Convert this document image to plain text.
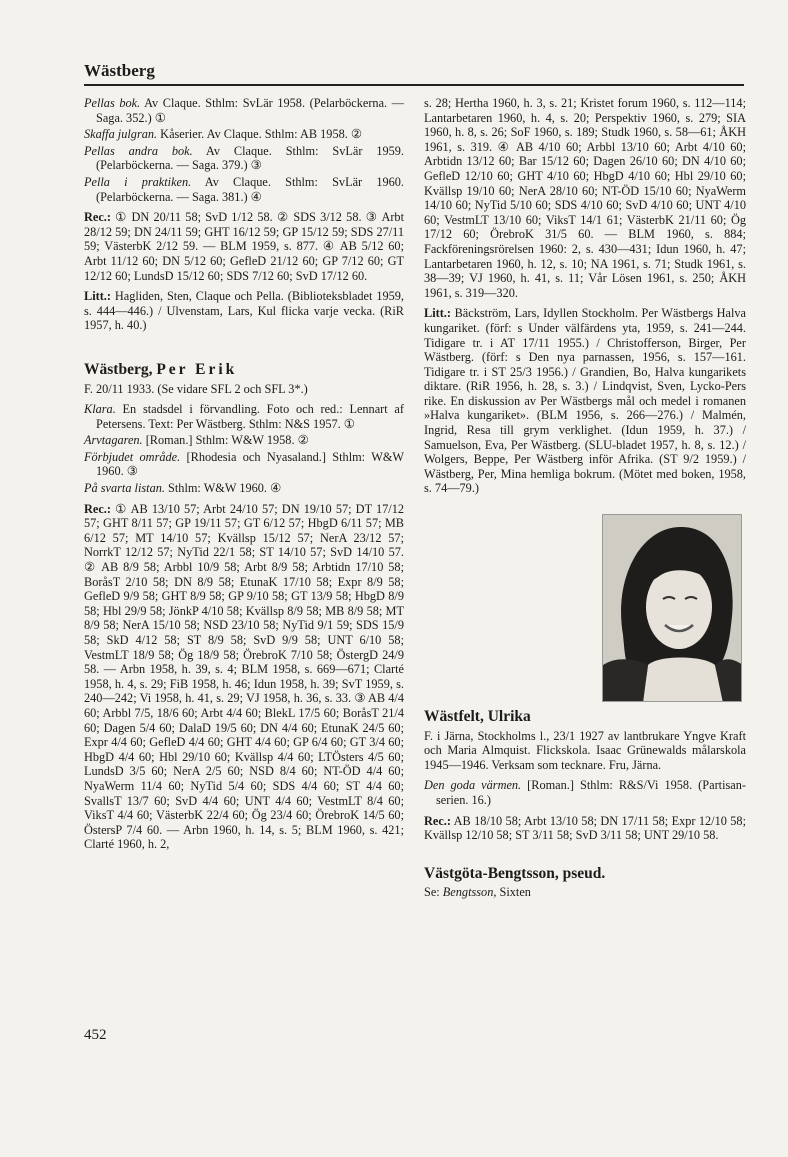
Wästberg
Pellas bok. Av Claque. Sthlm: SvLär 1958. (Pelarböckerna. — Saga. 352.) ①
Skaffa julgran. Kåserier. Av Claque. Sthlm: AB 1958. ②
Pellas andra bok. Av Claque. Sthlm: SvLär 1959. (Pelarböckerna. — Saga. 379.) ③
Pella i praktiken. Av Claque. Sthlm: SvLär 1960. (Pelarböckerna. — Saga. 381.) ④
Rec.: ① DN 20/11 58; SvD 1/12 58. ② SDS 3/12 58. ③ Arbt 28/12 59; DN 24/11 59; GHT 16/12 59; GP 15/12 59; SDS 27/11 59; VästerbK 2/12 59. — BLM 1959, s. 877. ④ AB 5/12 60; Arbt 11/12 60; DN 5/12 60; GefleD 21/12 60; GP 7/12 60; GT 12/12 60; LundsD 15/12 60; SDS 7/12 60; SvD 17/12 60.
Litt.: Hagliden, Sten, Claque och Pella. (Biblioteksbladet 1959, s. 444—446.) / Ulvenstam, Lars, Kul flicka varje vecka. (RiR 1957, h. 40.)
Wästberg, Per Erik
F. 20/11 1933. (Se vidare SFL 2 och SFL 3*.)
Klara. En stadsdel i förvandling. Foto och red.: Lennart af Petersens. Text: Per Wästberg. Sthlm: N&S 1957. ①
Arvtagaren. [Roman.] Sthlm: W&W 1958. ②
Förbjudet område. [Rhodesia och Nyasaland.] Sthlm: W&W 1960. ③
På svarta listan. Sthlm: W&W 1960. ④
Rec.: ① AB 13/10 57; Arbt 24/10 57; DN 19/10 57; DT 17/12 57; GHT 8/11 57; GP 19/11 57; GT 6/12 57; HbgD 6/11 57; MB 6/12 57; MT 14/10 57; Kvällsp 15/12 57; NerA 23/12 57; NorrkT 12/12 57; NyTid 22/1 58; ST 14/10 57; SvD 14/10 57. ② AB 8/9 58; Arbbl 10/9 58; Arbt 8/9 58; Arbtidn 17/10 58; BoråsT 2/10 58; DN 8/9 58; EtunaK 17/10 58; Expr 8/9 58; GefleD 9/9 58; GHT 8/9 58; GP 9/10 58; GT 13/9 58; HbgD 8/9 58; Hbl 29/9 58; JönkP 4/10 58; Kvällsp 8/9 58; MB 8/9 58; MT 8/9 58; NerA 15/10 58; NSD 23/10 58; NyTid 9/1 59; SDS 15/9 58; SkD 4/12 58; ST 8/9 58; SvD 9/9 58; UNT 6/10 58; VestmLT 18/9 58; Ög 18/9 58; ÖrebroK 7/10 58; ÖstergD 24/9 58. — Arbn 1958, h. 39, s. 4; BLM 1958, s. 669—671; Clarté 1958, h. 4, s. 29; FiB 1958, h. 46; Idun 1958, h. 39; SvT 1959, s. 240—242; Vi 1958, h. 41, s. 29; VJ 1958, h. 36, s. 33. ③ AB 4/4 60; Arbbl 7/5, 18/6 60; Arbt 4/4 60; BlekL 17/5 60; BoråsT 21/4 60; Dagen 5/4 60; DalaD 19/5 60; DN 4/4 60; EtunaK 24/5 60; Expr 4/4 60; GefleD 4/4 60; GHT 4/4 60; GP 6/4 60; GT 3/4 60; HbgD 4/4 60; Hbl 29/10 60; Kvällsp 4/4 60; LTÖsters 4/5 60; LundsD 3/5 60; NerA 2/5 60; NSD 8/4 60; NT-ÖD 4/4 60; NyaWerm 11/4 60; NyTid 5/4 60; SDS 4/4 60; ST 4/4 60; SvallsT 13/7 60; SvD 4/4 60; UNT 4/4 60; VestmLT 8/4 60; ViksT 4/4 60; VästerbK 22/4 60; Ög 23/4 60; ÖrebroK 14/5 60; ÖstersP 7/4 60. — Arbn 1960, h. 14, s. 5; BLM 1960, s. 421; Clarté 1960, h. 2,
s. 28; Hertha 1960, h. 3, s. 21; Kristet forum 1960, s. 112—114; Lantarbetaren 1960, h. 4, s. 20; Perspektiv 1960, s. 279; SIA 1960, h. 8, s. 26; SoF 1960, s. 189; Studk 1960, s. 58—61; ÅKH 1961, s. 319. ④ AB 4/10 60; Arbbl 13/10 60; Arbt 4/10 60; Arbtidn 13/12 60; Bar 15/12 60; Dagen 26/10 60; DN 4/10 60; GefleD 12/10 60; GHT 4/10 60; HbgD 4/10 60; Hbl 29/10 60; Kvällsp 19/10 60; NerA 28/10 60; NT-ÖD 15/10 60; NyaWerm 14/10 60; NyTid 5/10 60; SDS 4/10 60; SvD 4/10 60; UNT 4/10 60; VestmLT 13/10 60; ViksT 14/1 61; VästerbK 21/11 60; Ög 17/12 60; ÖrebroK 31/5 60. — BLM 1960, s. 884; Fackföreningsrörelsen 1960: 2, s. 430—431; Idun 1960, h. 47; Lantarbetaren 1960, h. 12, s. 10; NA 1961, s. 71; Studk 1961, s. 38—39; VJ 1960, h. 41, s. 11; Vår Lösen 1961, s. 250; ÅKH 1961, s. 319—320.
Litt.: Bäckström, Lars, Idyllen Stockholm. Per Wästbergs Halva kungariket. (förf: s Under välfärdens yta, 1959, s. 241—244. Tidigare tr. i AT 17/11 1955.) / Christofferson, Birger, Per Wästberg. (förf: s Den nya parnassen, 1956, s. 157—161. Tidigare tr. i ST 25/3 1956.) / Grandien, Bo, Halva kungarikets diktare. (RiR 1956, h. 28, s. 3.) / Lindqvist, Sven, Lycko-Pers rike. En diskussion av Per Wästbergs mål och medel i romanen »Halva kungariket». (BLM 1956, s. 266—276.) / Malmén, Ingrid, Resa till grym verklighet. (Idun 1959, h. 37.) / Samuelson, Eva, Per Wästberg. (SLU-bladet 1957, h. 8, s. 12.) / Wolgers, Beppe, Per Wästberg inför Afrika. (ST 9/2 1959.) / Wästberg, Per, Mina hemliga bokrum. (Mötet med boken, 1958, s. 74—79.)
Wästfelt, Ulrika
F. i Järna, Stockholms l., 23/1 1927 av lantbrukare Yngve Kraft och Maria Almquist. Flickskola. Isaac Grünewalds målarskola 1945—1946. Verksam som tecknare. Fru, Järna.
Den goda värmen. [Roman.] Sthlm: R&S/Vi 1958. (Partisan-serien. 16.)
Rec.: AB 18/10 58; Arbt 13/10 58; DN 17/11 58; Expr 12/10 58; Kvällsp 12/10 58; ST 3/11 58; SvD 3/11 58; UNT 29/10 58.
Västgöta-Bengtsson, pseud.
Se: Bengtsson, Sixten
452
